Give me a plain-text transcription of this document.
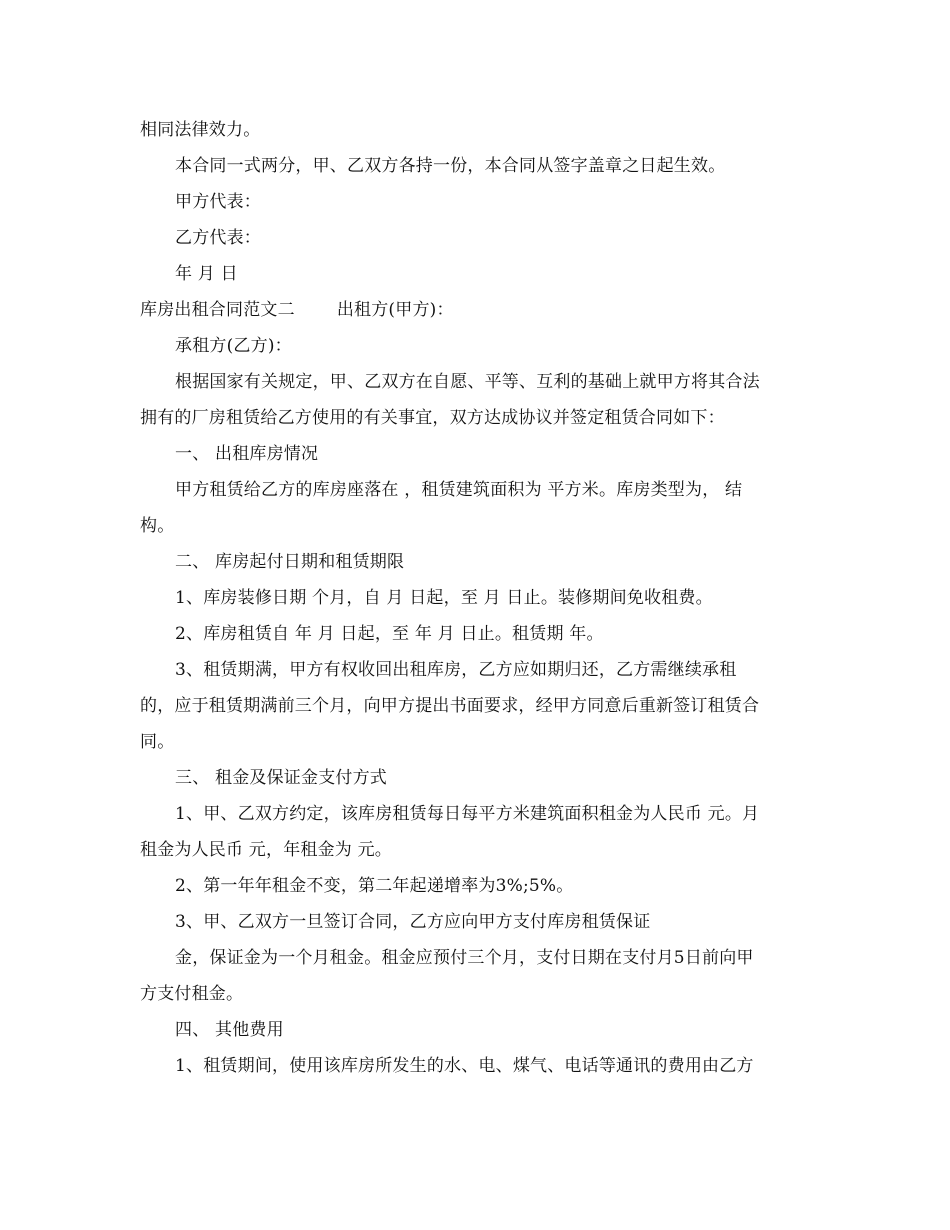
相同法律效力。
本合同一式两分，甲、乙双方各持一份，本合同从签字盖章之日起生效。
甲方代表：
乙方代表：
年 月 日
库房出租合同范文二 出租方(甲方)：
承租方(乙方)：
根据国家有关规定，甲、乙双方在自愿、平等、互利的基础上就甲方将其合法
拥有的厂房租赁给乙方使用的有关事宜，双方达成协议并签定租赁合同如下：
一、 出租库房情况
甲方租赁给乙方的库房座落在 ，租赁建筑面积为 平方米。库房类型为， 结
构。
二、 库房起付日期和租赁期限
1、库房装修日期 个月，自 月 日起，至 月 日止。装修期间免收租费。
2、库房租赁自 年 月 日起，至 年 月 日止。租赁期 年。
3、租赁期满，甲方有权收回出租库房，乙方应如期归还，乙方需继续承租
的，应于租赁期满前三个月，向甲方提出书面要求，经甲方同意后重新签订租赁合
同。
三、 租金及保证金支付方式
1、甲、乙双方约定，该库房租赁每日每平方米建筑面积租金为人民币 元。月
租金为人民币 元，年租金为 元。
2、第一年年租金不变，第二年起递增率为3%;5%。
3、甲、乙双方一旦签订合同，乙方应向甲方支付库房租赁保证
金，保证金为一个月租金。租金应预付三个月，支付日期在支付月5日前向甲
方支付租金。
四、 其他费用
1、租赁期间，使用该库房所发生的水、电、煤气、电话等通讯的费用由乙方
